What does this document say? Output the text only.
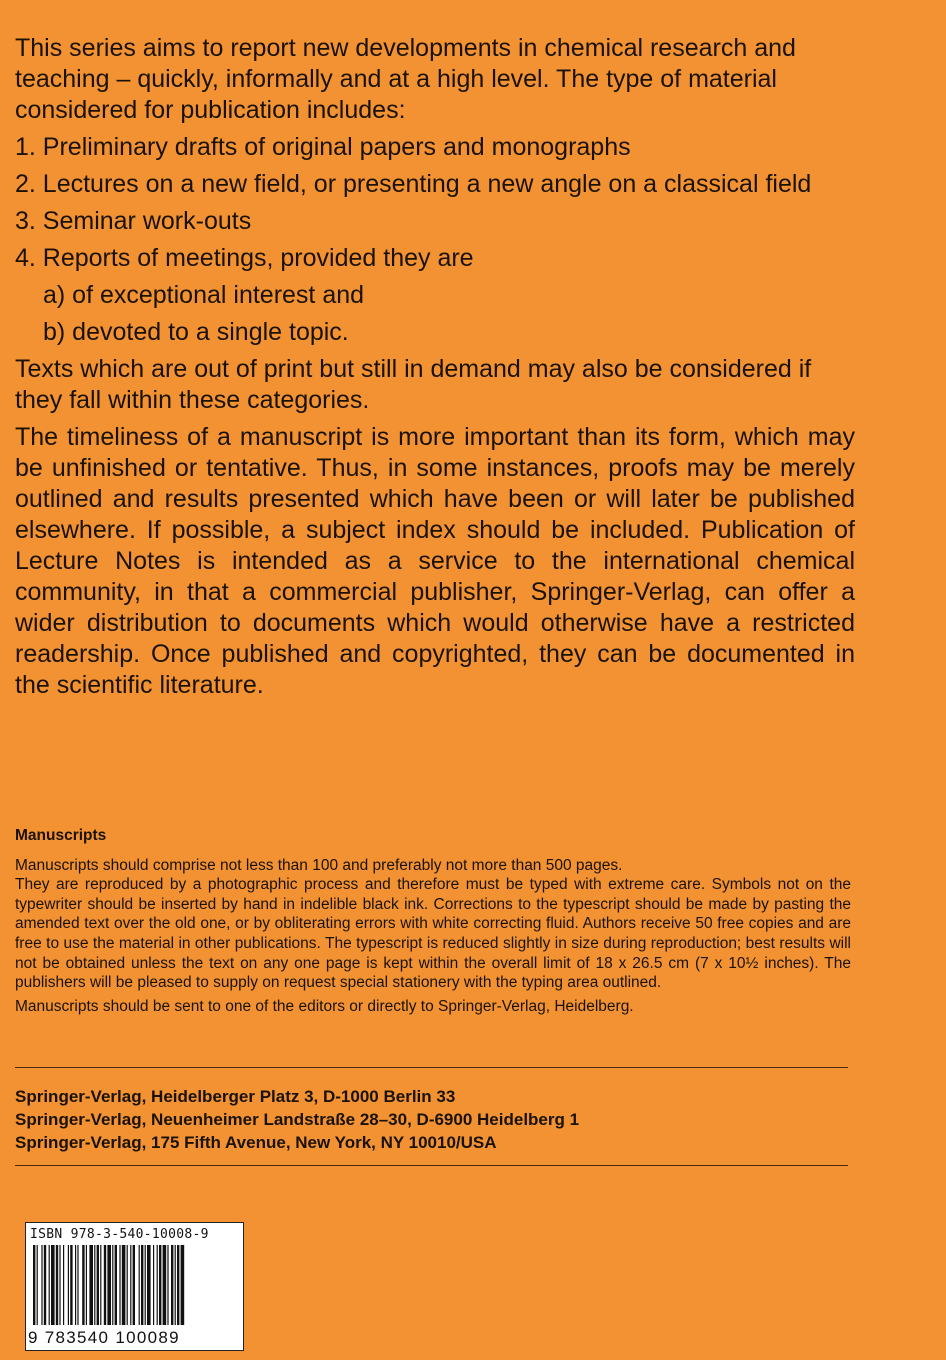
This series aims to report new developments in chemical research and teaching – quickly, informally and at a high level. The type of material considered for publication includes:

1. Preliminary drafts of original papers and monographs
2. Lectures on a new field, or presenting a new angle on a classical field
3. Seminar work-outs
4. Reports of meetings, provided they are
a) of exceptional interest and
b) devoted to a single topic.

Texts which are out of print but still in demand may also be considered if they fall within these categories.

The timeliness of a manuscript is more important than its form, which may be unfinished or tentative. Thus, in some instances, proofs may be merely outlined and results presented which have been or will later be published elsewhere. If possible, a subject index should be included. Publication of Lecture Notes is intended as a service to the international chemical community, in that a commercial publisher, Springer-Verlag, can offer a wider distribution to documents which would otherwise have a restricted readership. Once published and copyrighted, they can be documented in the scientific literature.

Manuscripts

Manuscripts should comprise not less than 100 and preferably not more than 500 pages.

They are reproduced by a photographic process and therefore must be typed with extreme care. Symbols not on the typewriter should be inserted by hand in indelible black ink. Corrections to the typescript should be made by pasting the amended text over the old one, or by obliterating errors with white correcting fluid. Authors receive 50 free copies and are free to use the material in other publications. The typescript is reduced slightly in size during reproduction; best results will not be obtained unless the text on any one page is kept within the overall limit of 18 x 26.5 cm (7 x 10½ inches). The publishers will be pleased to supply on request special stationery with the typing area outlined.

Manuscripts should be sent to one of the editors or directly to Springer-Verlag, Heidelberg.

Springer-Verlag, Heidelberger Platz 3, D-1000 Berlin 33
Springer-Verlag, Neuenheimer Landstraße 28–30, D-6900 Heidelberg 1
Springer-Verlag, 175 Fifth Avenue, New York, NY 10010/USA
ISBN 978-3-540-10008-9
9 783540 100089
